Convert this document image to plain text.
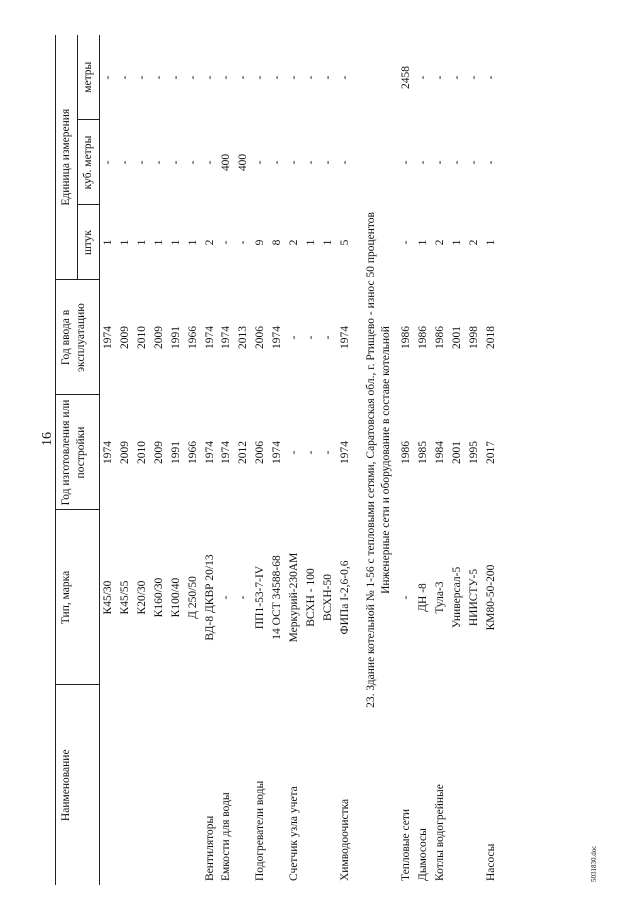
16
5031830.doc
Наименование	Тип, марка	Год изготовления или постройки	Год ввода в эксплуатацию	Единица измерения		
				штук	куб. метры	метры
	К45/30	1974	1974	1	-	-
	К45/55	2009	2009	1	-	-
	К20/30	2010	2010	1	-	-
	К160/30	2009	2009	1	-	-
	К100/40	1991	1991	1	-	-
	Д 250/50	1966	1966	1	-	-
Вентиляторы	ВД-8 ДКВР 20/13	1974	1974	2	-	-
Емкости для воды	-	1974	1974	-	400	-
	-	2012	2013	-	400	-
Подогреватели воды	ПП1-53-7-IV	2006	2006	9	-	-
	14 ОСТ 34588-68	1974	1974	8	-	-
Счетчик узла учета	Меркурий-230АМ	-	-	2	-	-
	ВСХН - 100	-	-	1	-	-
	ВСХН-50	-	-	1	-	-
Химводоочистка	ФИПа I-2,6-0,6	1974	1974	5	-	-

23. Здание котельной № 1-56 с тепловыми сетями, Саратовская обл., г. Ртищево - износ 50 процентов Инженерные сети и оборудование в составе котельной						

Тепловые сети	-	1986	1986	-	-	2458
Дымососы	ДН -8	1985	1986	1	-	-
Котлы водогрейные	Тула-3	1984	1986	2	-	-
	Универсал-5	2001	2001	1	-	-
	НИИСТУ-5	1995	1998	2	-	-
Насосы	КМ80-50-200	2017	2018	1	-	-
